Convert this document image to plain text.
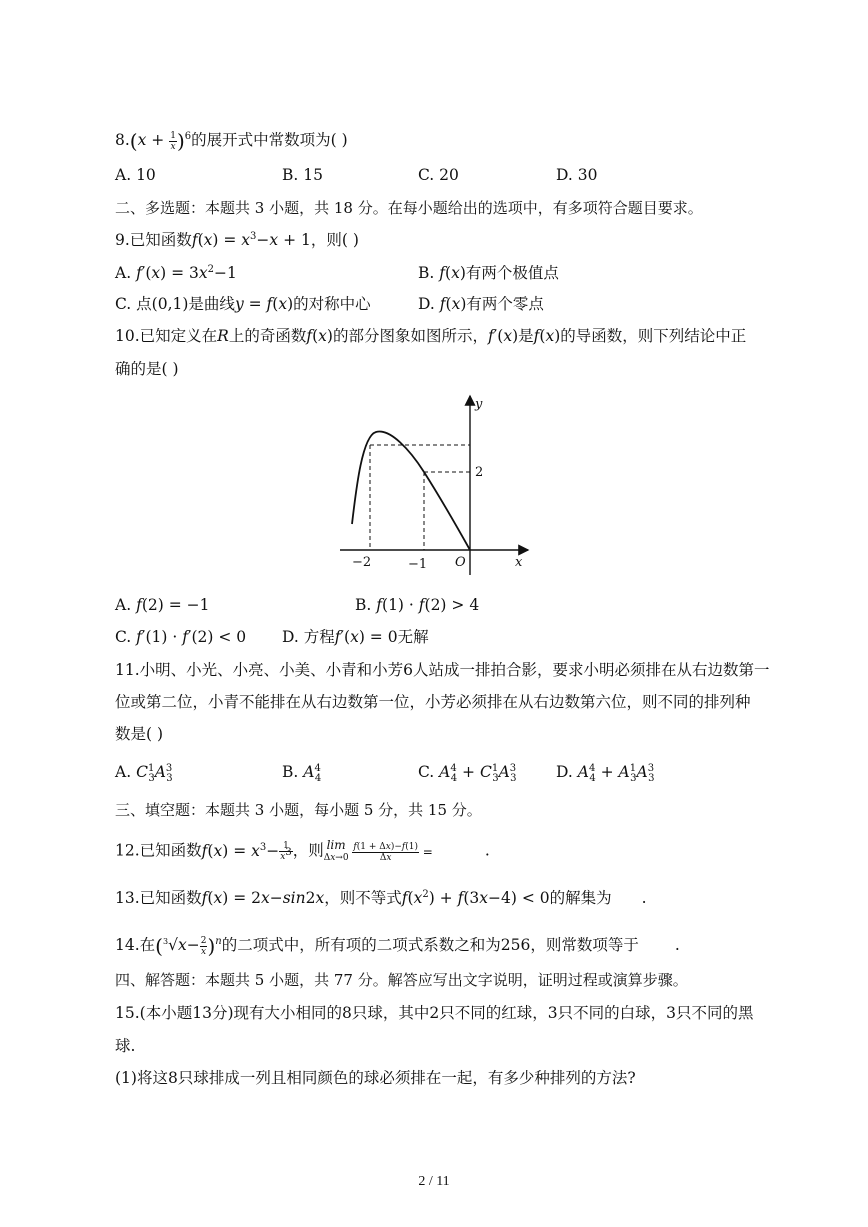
$8.(x + \frac{1}{x} )^6$的展开式中常数项为( )
A. 10	B. 15	C. 20	D. 30
二、多选题：本题共 3 小题，共 18 分。在每小题给出的选项中，有多项符合题目要求。
9.已知函数$f(x) = x^3-x + 1$，则( )
A. $f'(x) = 3x^2-1$	B. f(x)有两个极值点
C. 点(0,1)是曲线y = f(x)的对称中心	D. f(x)有两个零点
10.已知定义在R上的奇函数f(x)的部分图象如图所示，f′(x)是f(x)的导函数，则下列结论中正
确的是( )
y
x
2
−2	−1 O
A. f(2) = −1	B. f(1) · f(2) > 4
C. f′(1) · f′(2) < 0 D. 方程f′(x) = 0无解
11.小明、小光、小亮、小美、小青和小芳6人站成一排拍合影，要求小明必须排在从右边数第一
位或第二位，小青不能排在从右边数第一位，小芳必须排在从右边数第六位，则不同的排列种
数是( )
A. $C^1_3A^3_3$	B. $A^4_4$	C. $A^4_4 + C^1_3A^3_3$	D. $A^4_4 + A^1_3A^3_3$
三、填空题：本题共 3 小题，每小题 5 分，共 15 分。
12.已知函数$f(x) = x^3- \frac{1}{x^3}$ ，则 lim
$\Delta x\to 0 \frac{f(1 + \Delta x)-f(1)}{\Delta x}$ =	.
13.已知函数f(x) = 2x−sin2x，则不等式$f(x^2) + f(3x-4) < 0$的解集为 .
14.在$(^3√x- \frac{2}{x} )^n$的二项式中，所有项的二项式系数之和为256，则常数项等于 .
四、解答题：本题共 5 小题，共 77 分。解答应写出文字说明，证明过程或演算步骤。
15.(本小题13分)现有大小相同的8只球，其中2只不同的红球，3只不同的白球，3只不同的黑
球.
(1)将这8只球排成一列且相同颜色的球必须排在一起，有多少种排列的方法?
2 / 11
